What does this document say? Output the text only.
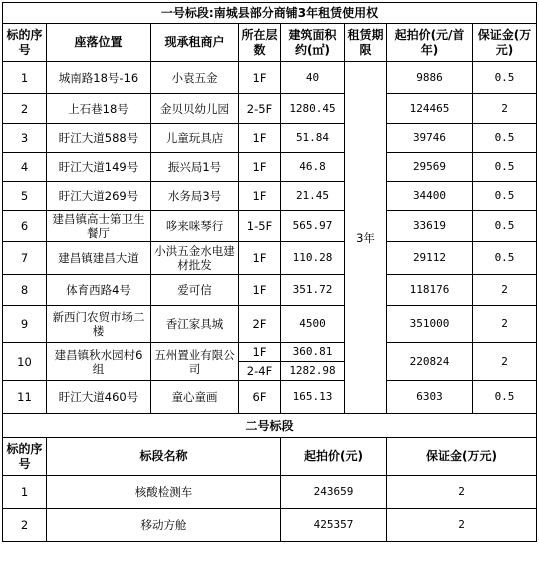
一号标段:南城县部分商铺3年租赁使用权							
标的序号	座落位置	现承租商户	所在层数	建筑面积约(㎡)	租赁期限	起拍价(元/首年)	保证金(万元)
1	城南路18号-16	小袁五金	1F	40	3年	9886	0.5
2	上石巷18号	金贝贝幼儿园	2-5F	1280.45		124465	2
3	盱江大道588号	儿童玩具店	1F	51.84		39746	0.5
4	盱江大道149号	振兴局1号	1F	46.8		29569	0.5
5	盱江大道269号	水务局3号	1F	21.45		34400	0.5
6	建昌镇高士第卫生餐厅	哆来咪琴行	1-5F	565.97		33619	0.5
7	建昌镇建昌大道	小洪五金水电建材批发	1F	110.28		29112	0.5
8	体育西路4号	爱可信	1F	351.72		118176	2
9	新西门农贸市场二楼	香江家具城	2F	4500		351000	2
10	建昌镇秋水园村6组	五州置业有限公司	1F	360.81		220824	2
			2-4F	1282.98			
11	盱江大道460号	童心童画	6F	165.13		6303	0.5
二号标段							
标的序号	标段名称			起拍价(元)		保证金(万元)	
1	核酸检测车			243659		2	
2	移动方舱			425357		2	
